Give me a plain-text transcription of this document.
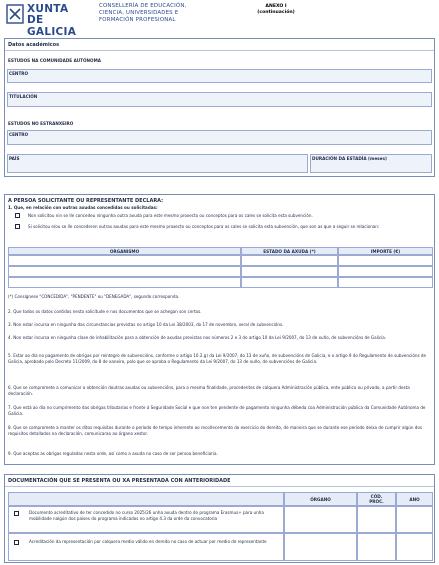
XUNTA
DE GALICIA
CONSELLERÍA DE EDUCACIÓN, CIENCIA, UNIVERSIDADES E FORMACIÓN PROFESIONAL
ANEXO I
(continuación)
Datos académicos
ESTUDOS NA COMUNIDADE AUTÓNOMA
CENTRO
TITULACIÓN
ESTUDOS NO ESTRANXEIRO
CENTRO
PAÍS	DURACIÓN DA ESTADÍA (meses)
A PERSOA SOLICITANTE OU REPRESENTANTE DECLARA:
1. Que, en relación con outras axudas concedidas ou solicitadas:
Non solicitou nin se lle concedeu ningunha outra axuda para este mesmo proxecto ou conceptos para os cales se solicita esta subvención.
Si solicitou e/ou se lle concederon outras axudas para este mesmo proxecto ou conceptos para os cales se solicita esta subvención, que son as que a seguir se relacionan:
ORGANISMO	ESTADO DA AXUDA (*)	IMPORTE (€)
(*) Consígnese "CONCEDIDA", "PENDENTE" ou "DENEGADA", segundo corresponda.
2. Que todos os datos contidos nesta solicitude e nos documentos que se achegan son certos.
3. Non estar incursa en ningunha das circunstancias previstas no artigo 10 da Lei 38/2003, do 17 de novembro, xeral de subvencións.
4. Non estar incursa en ningunha clase de inhabilitación para a obtención de axudas previstas nos números 2 e 3 do artigo 10 da Lei 9/2007, do 13 de xuño, de subvencións de Galicia.
5. Estar ao día no pagamento de obrigas por reintegro de subvencións, conforme o artigo 10.2.g) da Lei 9/2007, do 13 de xuño, de subvencións de Galicia, e o artigo 9 do Regulamento de subvencións de Galicia, aprobado polo Decreto 11/2009, do 8 de xaneiro, polo que se aproba o Regulamento da Lei 9/2007, do 13 de xuño, de subvencións de Galicia.
6. Que se compromete a comunicar a obtención doutras axudas ou subvencións, para a mesma finalidade, procedentes de calquera Administración pública, ente público ou privado, a partir desta declaración.
7. Que está ao día no cumprimento das obrigas tributarias e fronte á Seguridade Social e que non ten pendente de pagamento ningunha débeda coa Administración pública da Comunidade Autónoma de Galicia.
8. Que se compromete a manter os ditos requisitos durante o período de tempo inherente ao recoñecemento do exercicio do dereito, de maneira que se durante ese período deixa de cumprir algún dos requisitos detallados na declaración, comunicarao ao órgano xestor.
9. Que aceptas as obrigas reguladas nesta orde, así como a axuda no caso de ser persoa beneficiaria.
DOCUMENTACIÓN QUE SE PRESENTA OU XA PRESENTADA CON ANTERIORIDADE
ÓRGANO
CÓD. PROC.	ANO
Documento acreditativo de ter concedido no curso 2025/26 unha axuda dentro do programa Erasmus+ para unha mobilidade nalgún dos países do programa indicados no artigo 4.3 da orde da convocatoria
Acreditación da representación por calquera medio válido en dereito no caso de actuar por medio de representante
